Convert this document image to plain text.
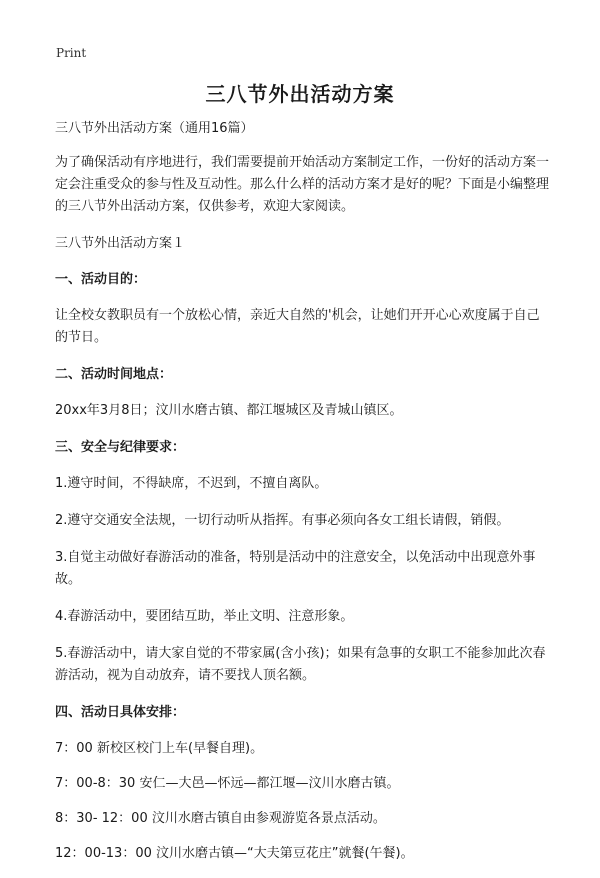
Print
三八节外出活动方案

三八节外出活动方案（通用16篇）

为了确保活动有序地进行，我们需要提前开始活动方案制定工作，一份好的活动方案一定会注重受众的参与性及互动性。那么什么样的活动方案才是好的呢？下面是小编整理的三八节外出活动方案，仅供参考，欢迎大家阅读。

三八节外出活动方案１

一、活动目的：

让全校女教职员有一个放松心情，亲近大自然的'机会，让她们开开心心欢度属于自己的节日。

二、活动时间地点：

20xx年3月8日；汶川水磨古镇、都江堰城区及青城山镇区。

三、安全与纪律要求：

1.遵守时间，不得缺席，不迟到，不擅自离队。

2.遵守交通安全法规，一切行动听从指挥。有事必须向各女工组长请假，销假。

3.自觉主动做好春游活动的准备，特别是活动中的注意安全，以免活动中出现意外事故。

4.春游活动中，要团结互助，举止文明、注意形象。

5.春游活动中，请大家自觉的不带家属(含小孩)；如果有急事的女职工不能参加此次春游活动，视为自动放弃，请不要找人顶名额。

四、活动日具体安排：

7：00 新校区校门上车(早餐自理)。

7：00-8：30 安仁—大邑—怀远—都江堰—汶川水磨古镇。

8：30- 12：00 汶川水磨古镇自由参观游览各景点活动。

12：00-13：00 汶川水磨古镇—“大夫第豆花庄”就餐(午餐)。
